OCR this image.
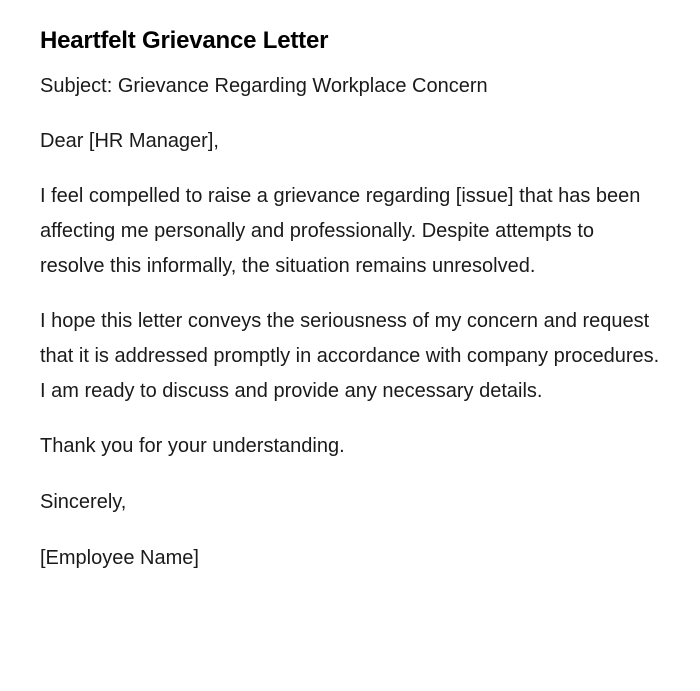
Heartfelt Grievance Letter

Subject: Grievance Regarding Workplace Concern

Dear [HR Manager],

I feel compelled to raise a grievance regarding [issue] that has been affecting me personally and professionally. Despite attempts to resolve this informally, the situation remains unresolved.

I hope this letter conveys the seriousness of my concern and request that it is addressed promptly in accordance with company procedures. I am ready to discuss and provide any necessary details.

Thank you for your understanding.

Sincerely,

[Employee Name]
